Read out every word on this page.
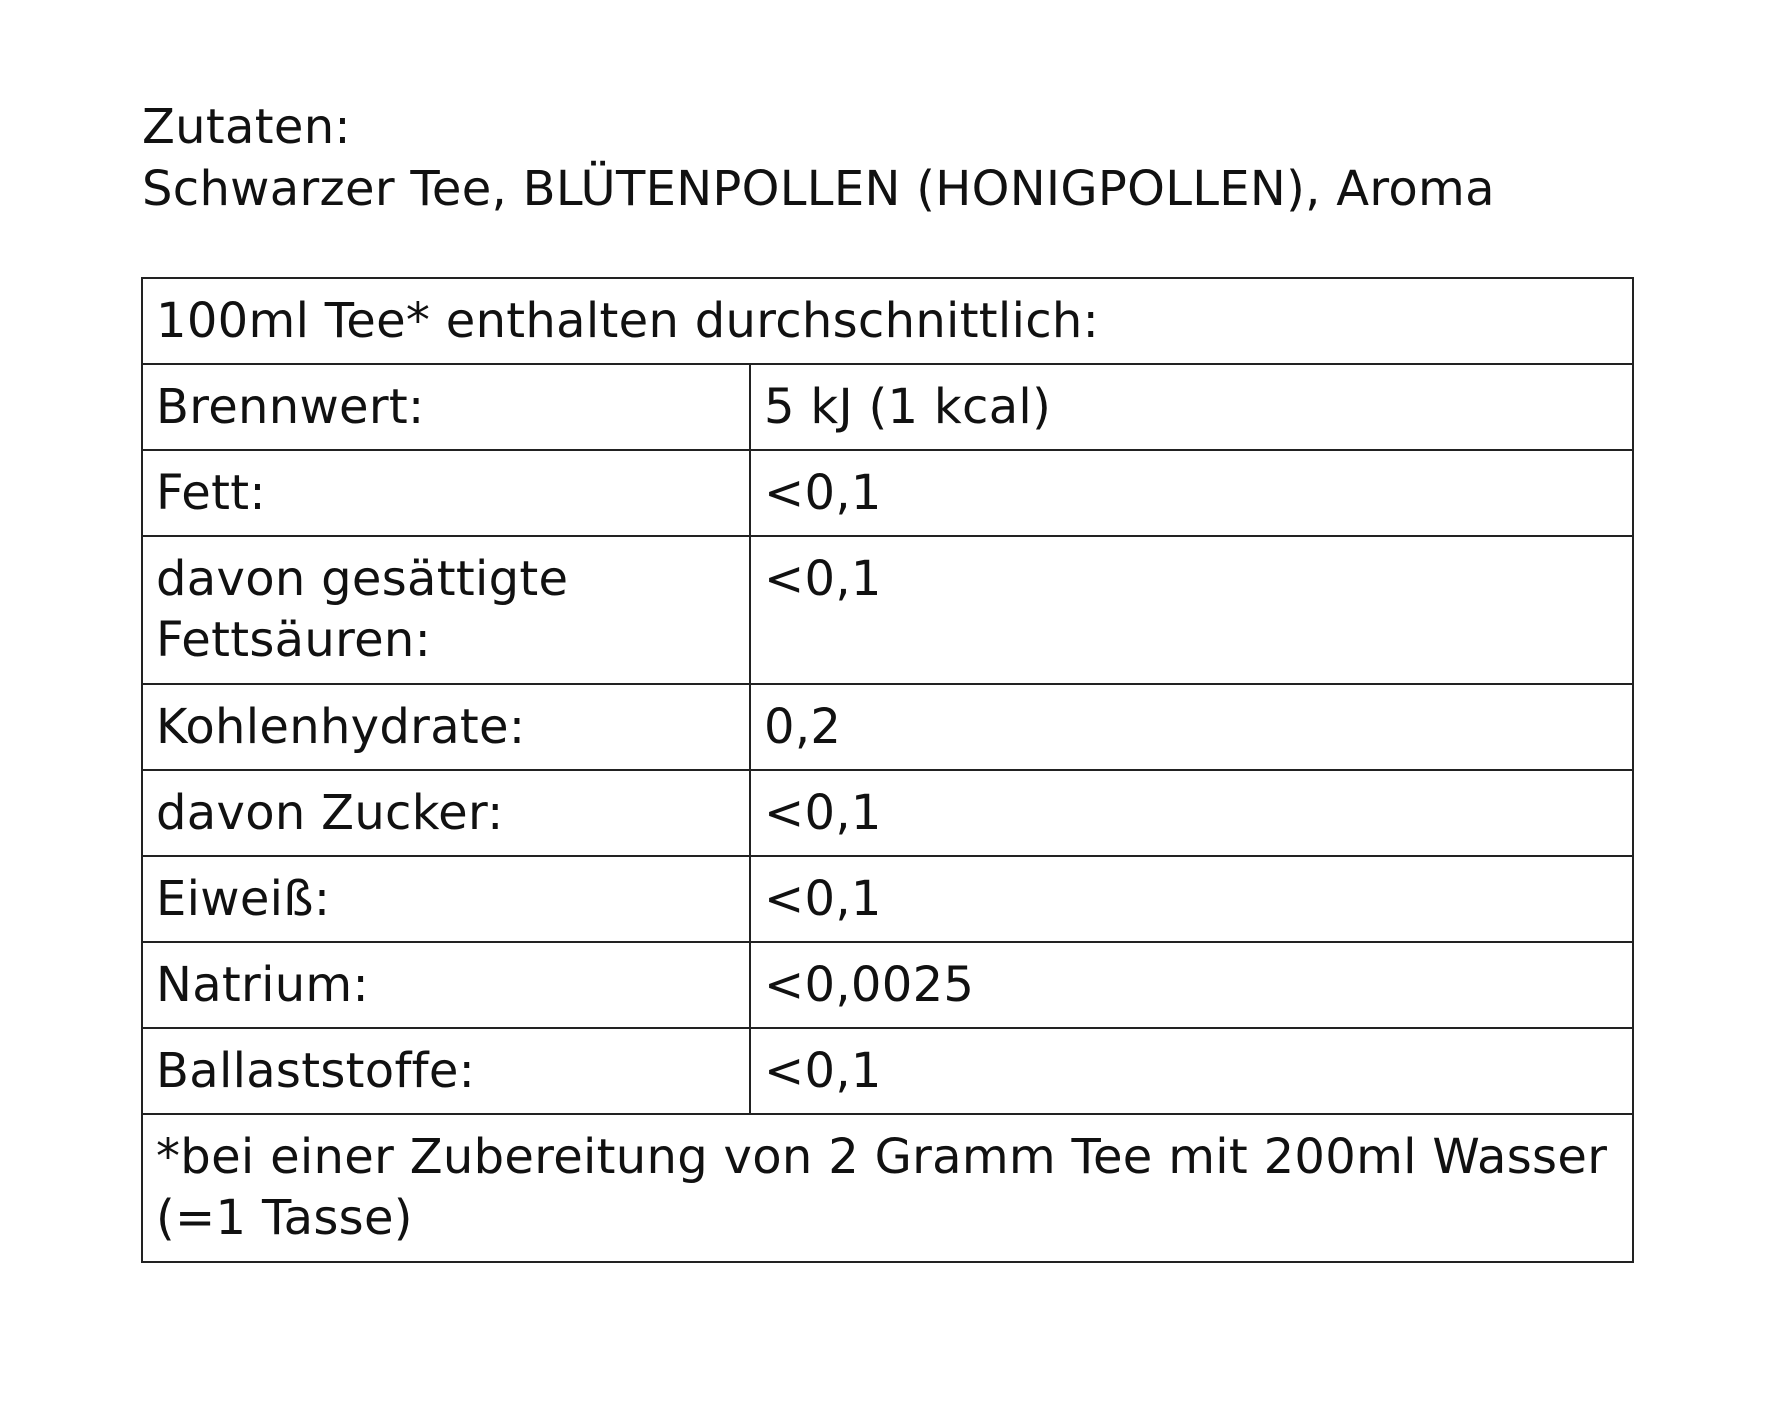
Zutaten:
Schwarzer Tee, BLÜTENPOLLEN (HONIGPOLLEN), Aroma
100ml Tee* enthalten durchschnittlich:	
Brennwert:	5 kJ (1 kcal)
Fett:	<0,1
davon gesättigte Fettsäuren:	<0,1
Kohlenhydrate:	0,2
davon Zucker:	<0,1
Eiweiß:	<0,1
Natrium:	<0,0025
Ballaststoffe:	<0,1
*bei einer Zubereitung von 2 Gramm Tee mit 200ml Wasser (=1 Tasse)	
